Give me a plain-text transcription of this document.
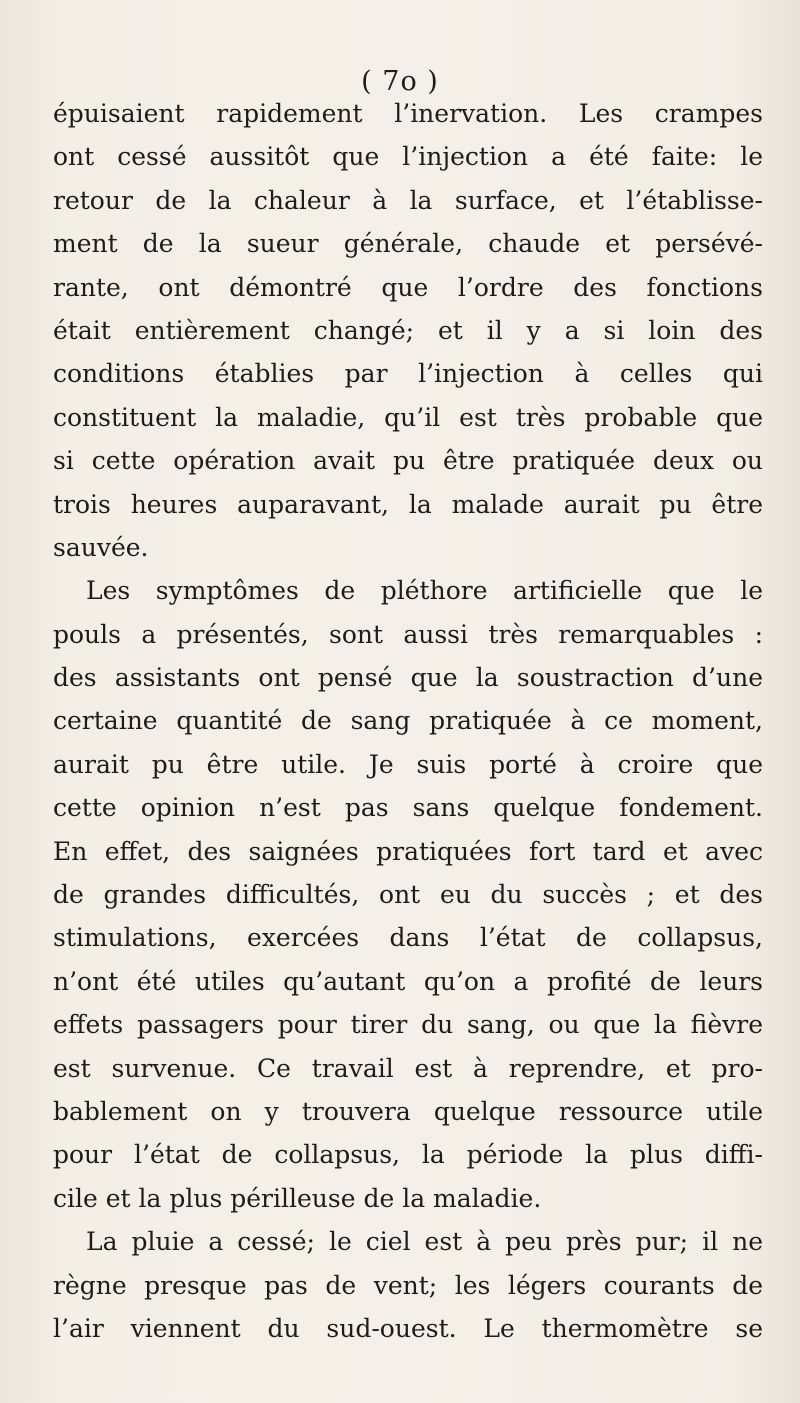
( 7o )
épuisaient rapidement l’inervation. Les crampes
ont cessé aussitôt que l’injection a été faite: le
retour de la chaleur à la surface, et l’établisse-
ment de la sueur générale, chaude et persévé-
rante, ont démontré que l’ordre des fonctions
était entièrement changé; et il y a si loin des
conditions établies par l’injection à celles qui
constituent la maladie, qu’il est très probable que
si cette opération avait pu être pratiquée deux ou
trois heures auparavant, la malade aurait pu être
sauvée.
Les symptômes de pléthore artificielle que le
pouls a présentés, sont aussi très remarquables :
des assistants ont pensé que la soustraction d’une
certaine quantité de sang pratiquée à ce moment,
aurait pu être utile. Je suis porté à croire que
cette opinion n’est pas sans quelque fondement.
En effet, des saignées pratiquées fort tard et avec
de grandes difficultés, ont eu du succès ; et des
stimulations, exercées dans l’état de collapsus,
n’ont été utiles qu’autant qu’on a profité de leurs
effets passagers pour tirer du sang, ou que la fièvre
est survenue. Ce travail est à reprendre, et pro-
bablement on y trouvera quelque ressource utile
pour l’état de collapsus, la période la plus diffi-
cile et la plus périlleuse de la maladie.
La pluie a cessé; le ciel est à peu près pur; il ne
règne presque pas de vent; les légers courants de
l’air viennent du sud-ouest. Le thermomètre se
